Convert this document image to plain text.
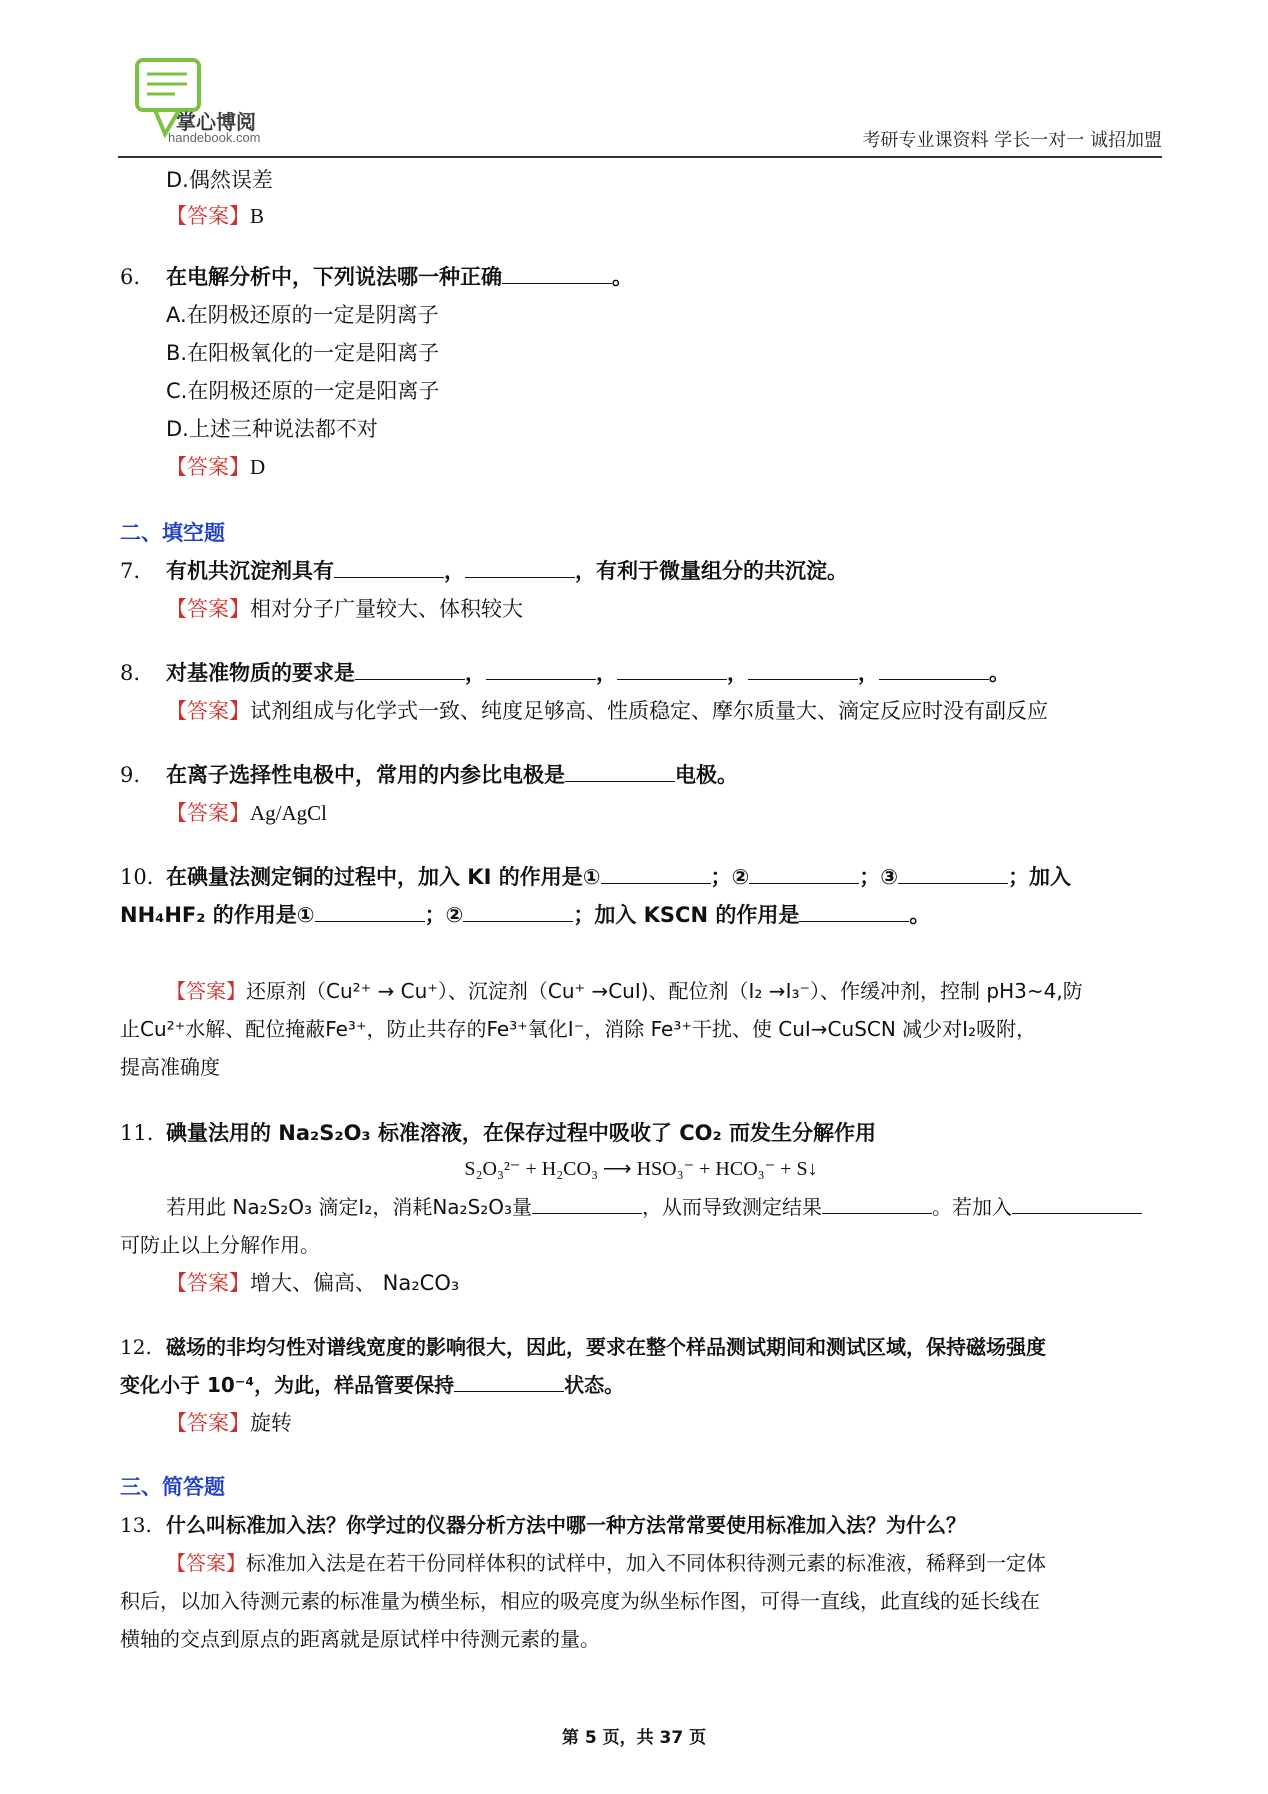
掌心博阅
handebook.com	考研专业课资料 学长一对一 诚招加盟
D.偶然误差
【答案】B
6. 在电解分析中，下列说法哪一种正确	。
A.在阴极还原的一定是阴离子
B.在阳极氧化的一定是阳离子
C.在阴极还原的一定是阳离子
D.上述三种说法都不对
【答案】D
二、填空题
7. 有机共沉淀剂具有	，	，有利于微量组分的共沉淀。
【答案】相对分子广量较大、体积较大
8. 对基准物质的要求是	，	，	，	，	。
【答案】试剂组成与化学式一致、纯度足够高、性质稳定、摩尔质量大、滴定反应时没有副反应
9. 在离子选择性电极中，常用的内参比电极是	电极。
【答案】Ag/AgCl
10. 在碘量法测定铜的过程中，加入 KI 的作用是①	；②	；③	；加入
NH₄HF₂ 的作用是①	；②	；加入 KSCN 的作用是	。
【答案】还原剂（Cu²⁺ → Cu⁺）、沉淀剂（Cu⁺ →CuI)、配位剂（I₂ →I₃⁻）、作缓冲剂，控制 pH3~4,防
止Cu²⁺水解、配位掩蔽Fe³⁺，防止共存的Fe³⁺氧化I⁻，消除 Fe³⁺干扰、使 CuI→CuSCN 减少对I₂吸附，
提高准确度
11. 碘量法用的 Na₂S₂O₃ 标准溶液，在保存过程中吸收了 CO₂ 而发生分解作用
S₂O₃²⁻ + H₂CO₃ ⟶ HSO₃⁻ + HCO₃⁻ + S↓
若用此 Na₂S₂O₃ 滴定I₂，消耗Na₂S₂O₃量	，从而导致测定结果	。若加入
可防止以上分解作用。
【答案】增大、偏高、 Na₂CO₃
12. 磁场的非均匀性对谱线宽度的影响很大，因此，要求在整个样品测试期间和测试区域，保持磁场强度
变化小于 10⁻⁴，为此，样品管要保持	状态。
【答案】旋转
三、简答题
13. 什么叫标准加入法？你学过的仪器分析方法中哪一种方法常常要使用标准加入法？为什么？
【答案】标准加入法是在若干份同样体积的试样中，加入不同体积待测元素的标准液，稀释到一定体
积后，以加入待测元素的标准量为横坐标，相应的吸亮度为纵坐标作图，可得一直线，此直线的延长线在
横轴的交点到原点的距离就是原试样中待测元素的量。
第 5 页，共 37 页
